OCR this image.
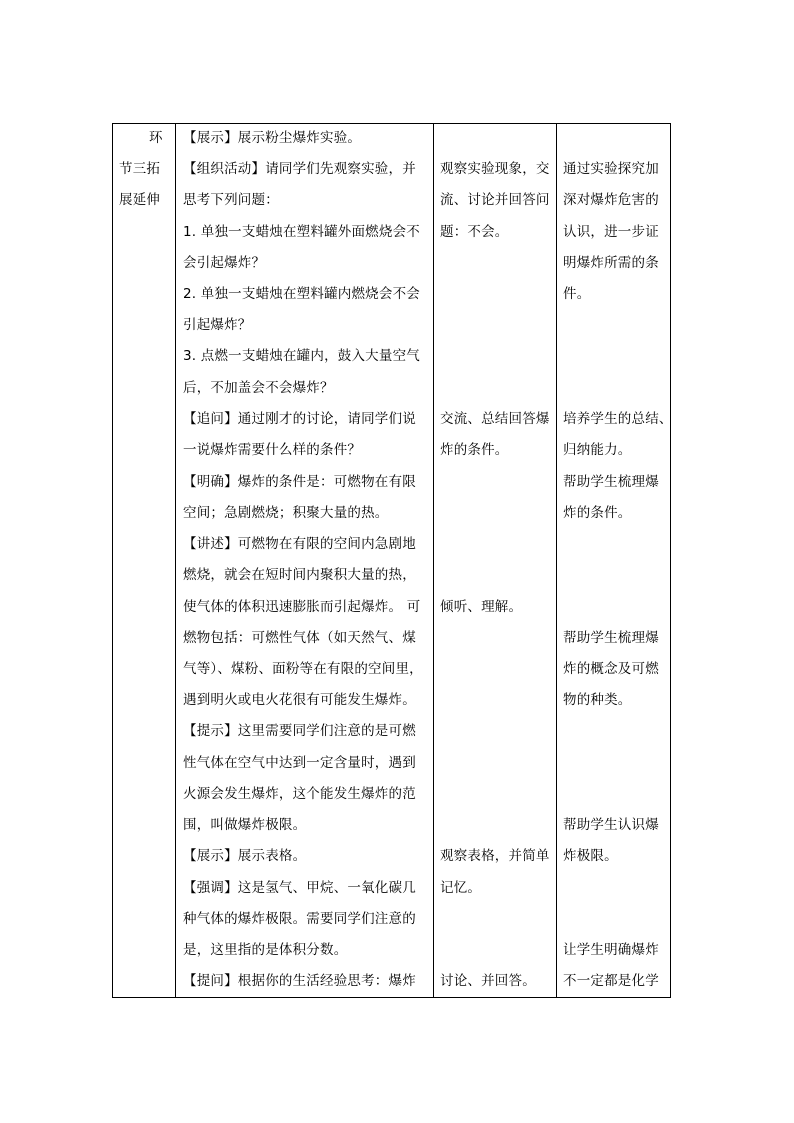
环
节三拓
展延伸
【展示】展示粉尘爆炸实验。
【组织活动】请同学们先观察实验，并
思考下列问题：
1. 单独一支蜡烛在塑料罐外面燃烧会不
会引起爆炸？
2. 单独一支蜡烛在塑料罐内燃烧会不会
引起爆炸？
3. 点燃一支蜡烛在罐内，鼓入大量空气
后，不加盖会不会爆炸？
【追问】通过刚才的讨论，请同学们说
一说爆炸需要什么样的条件？
【明确】爆炸的条件是：可燃物在有限
空间；急剧燃烧；积聚大量的热。
【讲述】可燃物在有限的空间内急剧地
燃烧，就会在短时间内聚积大量的热，
使气体的体积迅速膨胀而引起爆炸。 可
燃物包括：可燃性气体（如天然气、煤
气等）、煤粉、面粉等在有限的空间里，
遇到明火或电火花很有可能发生爆炸。
【提示】这里需要同学们注意的是可燃
性气体在空气中达到一定含量时，遇到
火源会发生爆炸，这个能发生爆炸的范
围，叫做爆炸极限。
【展示】展示表格。
【强调】这是氢气、甲烷、一氧化碳几
种气体的爆炸极限。需要同学们注意的
是，这里指的是体积分数。
【提问】根据你的生活经验思考：爆炸
观察实验现象，交
流、讨论并回答问
题：不会。
交流、总结回答爆
炸的条件。
倾听、理解。
观察表格，并简单
记忆。
讨论、并回答。
通过实验探究加
深对爆炸危害的
认识，进一步证
明爆炸所需的条
件。
培养学生的总结、
归纳能力。
帮助学生梳理爆
炸的条件。
帮助学生梳理爆
炸的概念及可燃
物的种类。
帮助学生认识爆
炸极限。
让学生明确爆炸
不一定都是化学
